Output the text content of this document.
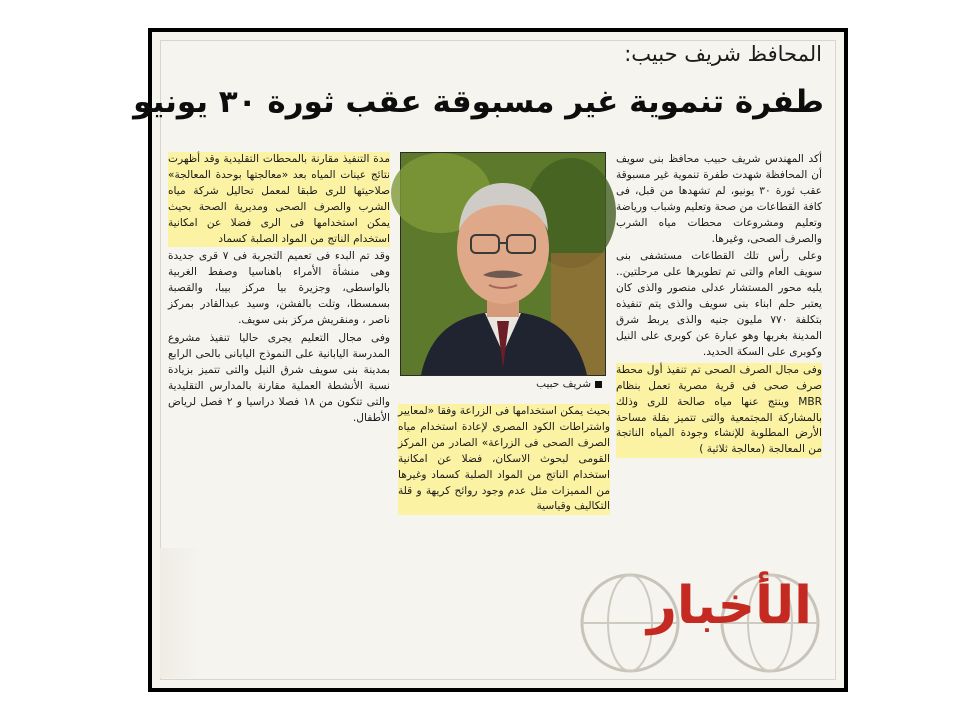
المحافظ شريف حبيب:
طفرة تنموية غير مسبوقة عقب ثورة ٣٠ يونيو

أكد المهندس شريف حبيب محافظ بنى سويف أن المحافظة شهدت طفرة تنموية غير مسبوقة عقب ثورة ٣٠ يونيو، لم تشهدها من قبل، فى كافة القطاعات من صحة وتعليم وشباب ورياضة وتعليم ومشروعات محطات مياه الشرب والصرف الصحى، وغيرها.

وعلى رأس تلك القطاعات مستشفى بنى سويف العام والتى تم تطويرها على مرحلتين.. يليه محور المستشار عدلى منصور والذى كان يعتبر حلم ابناء بنى سويف والذى يتم تنفيذه بتكلفة ٧٧٠ مليون جنيه والذى يربط شرق المدينة بغربها وهو عبارة عن كوبرى على النيل وكوبرى على السكة الحديد.

وفى مجال الصرف الصحى تم تنفيذ أول محطة صرف صحى فى قرية مصرية تعمل بنظام MBR وينتج عنها مياه صالحة للرى وذلك بالمشاركة المجتمعية والتى تتميز بقلة مساحة الأرض المطلوبة للإنشاء وجودة المياه الناتجة من المعالجة (معالجة ثلاثية )

شريف حبيب

بحيث يمكن استخدامها فى الزراعة وفقا «لمعايير واشتراطات الكود المصرى لإعادة استخدام مياه الصرف الصحى فى الزراعة» الصادر من المركز القومى لبحوث الاسكان، فضلا عن امكانية استخدام الناتج من المواد الصلبة كسماد وغيرها من المميزات مثل عدم وجود روائح كريهة و قلة التكاليف وقياسية

مدة التنفيذ مقارنة بالمحطات التقليدية وقد أظهرت نتائج عينات المياه بعد «معالجتها بوحدة المعالجة» صلاحيتها للرى طبقا لمعمل تحاليل شركة مياه الشرب والصرف الصحى ومديرية الصحة بحيث يمكن استخدامها فى الرى فضلا عن امكانية استخدام الناتج من المواد الصلبة كسماد

وقد تم البدء فى تعميم التجربة فى ٧ قرى جديدة وهى منشأة الأمراء باهناسيا وصفط الغربية بالواسطى، وجزيرة بيا مركز بيبا، والقصبة بسمسطا، وتلت بالفشن، وسيد عبدالقادر بمركز ناصر ، ومنقريش مركز بنى سويف.

وفى مجال التعليم يجرى حاليا تنفيذ مشروع المدرسة اليابانية على النموذج اليابانى بالحى الرابع بمدينة بنى سويف شرق النيل والتى تتميز بزيادة نسبة الأنشطة العملية مقارنة بالمدارس التقليدية والتى تتكون من ١٨ فصلا دراسيا و ٢ فصل لرياض الأطفال.

الأخبار
